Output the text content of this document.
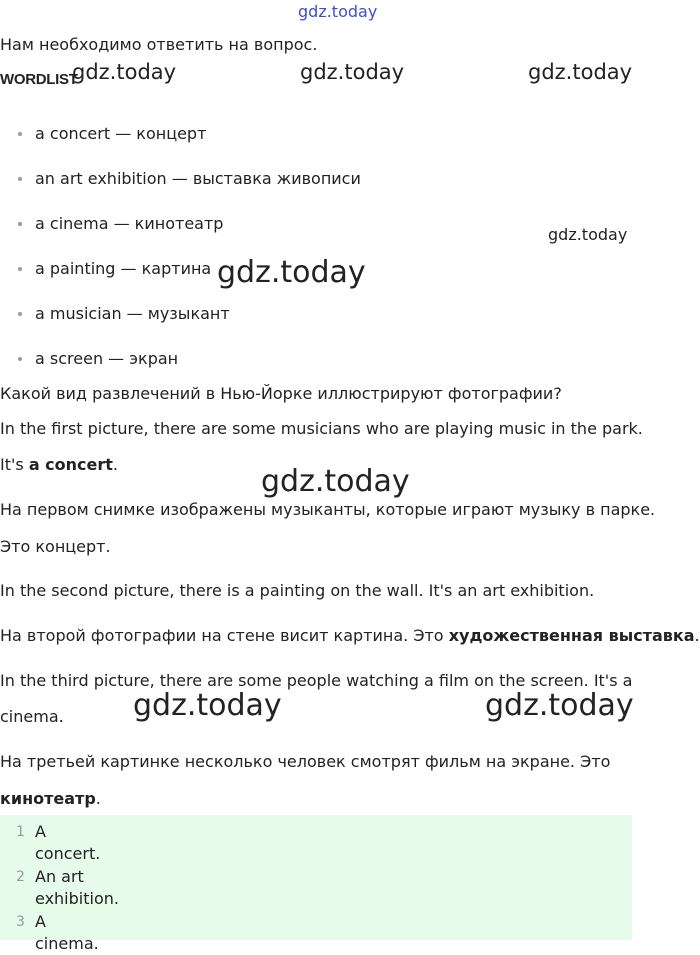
gdz.today
gdz.today	gdz.today	gdz.today
gdz.today
gdz.today
gdz.today
gdz.today	gdz.today
Нам необходимо ответить на вопрос.
WORDLIST
a concert — концерт
an art exhibition — выставка живописи
a cinema — кинотеатр
a painting — картина
a musician — музыкант
a screen — экран
Какой вид развлечений в Нью-Йорке иллюстрируют фотографии?
In the first picture, there are some musicians who are playing music in the park.
It's a concert.
На первом снимке изображены музыканты, которые играют музыку в парке.
Это концерт.
In the second picture, there is a painting on the wall. It's an art exhibition.
На второй фотографии на стене висит картина. Это художественная выставка.
In the third picture, there are some people watching a film on the screen. It's a
cinema.
На третьей картинке несколько человек смотрят фильм на экране. Это
кинотеатр.
1 A concert.
2 An art exhibition.
3 A cinema.
